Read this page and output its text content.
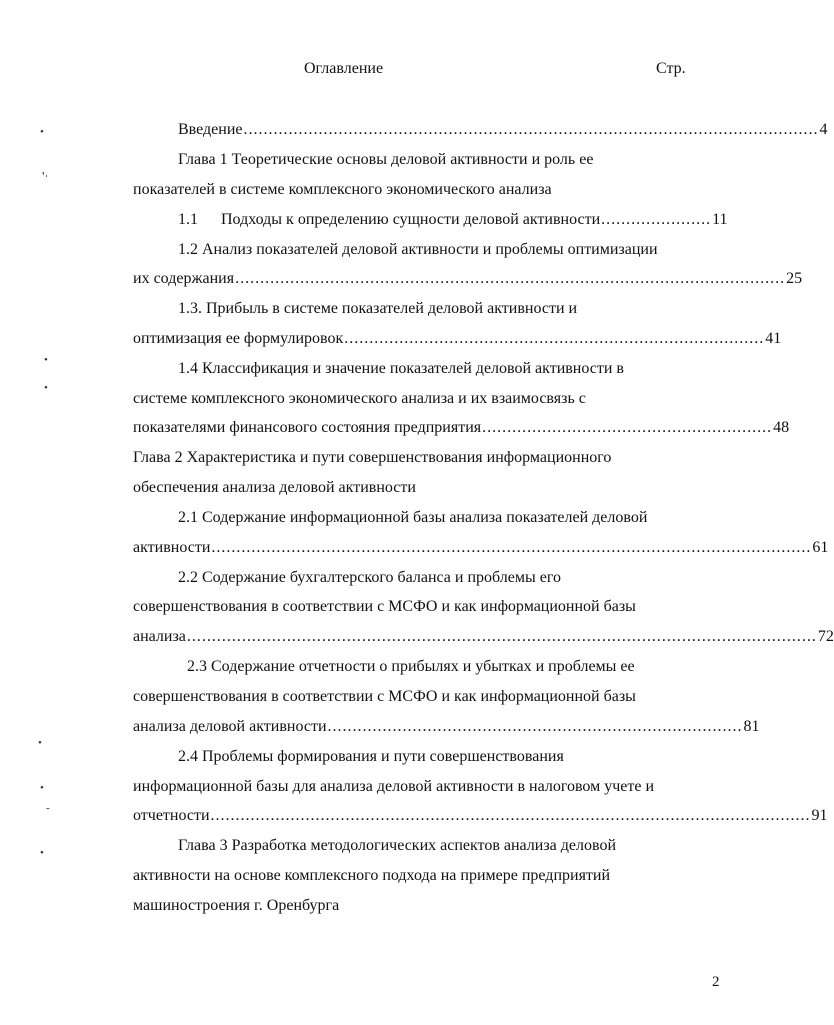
Оглавление	Стр.
Введение ................................................................................................................... 4
Глава 1 Теоретические основы деловой активности и роль ее
показателей в системе комплексного экономического анализа
1.1 Подходы к определению сущности деловой активности ...................... 11
1.2 Анализ показателей деловой активности и проблемы оптимизации
их содержания .............................................................................................................. 25
1.3. Прибыль в системе показателей деловой активности и
оптимизация ее формулировок .................................................................................... 41
1.4 Классификация и значение показателей деловой активности в
системе комплексного экономического анализа и их взаимосвязь с
показателями финансового состояния предприятия .......................................................... 48
Глава 2 Характеристика и пути совершенствования информационного
обеспечения анализа деловой активности
2.1 Содержание информационной базы анализа показателей деловой
активности ........................................................................................................................ 61
2.2 Содержание бухгалтерского баланса и проблемы его
совершенствования в соответствии с МСФО и как информационной базы
анализа .............................................................................................................................. 72
2.3 Содержание отчетности о прибылях и убытках и проблемы ее
совершенствования в соответствии с МСФО и как информационной базы
анализа деловой активности ................................................................................... 81
2.4 Проблемы формирования и пути совершенствования
информационной базы для анализа деловой активности в налоговом учете и
отчетности ........................................................................................................................ 91
Глава 3 Разработка методологических аспектов анализа деловой
активности на основе комплексного подхода на примере предприятий
машиностроения г. Оренбурга
2
•
ˌ
'
•
•
•
•
-
•
